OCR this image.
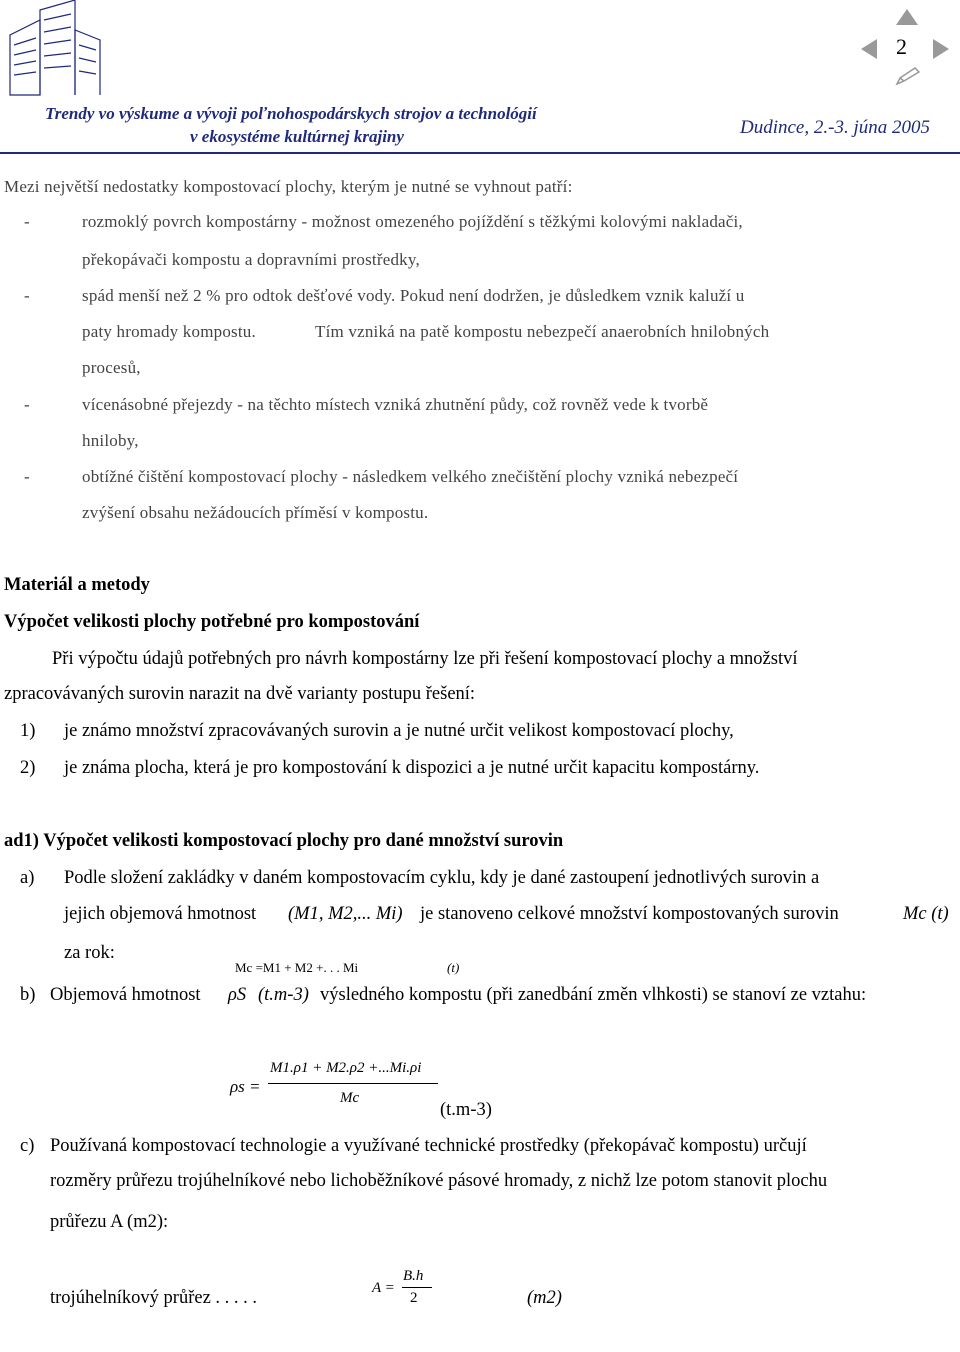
Trendy vo výskume a vývoji poľnohospodárskych strojov a technológií
v ekosystéme kultúrnej krajiny	Dudince, 2.-3. júna 2005
2
Mezi největší nedostatky kompostovací plochy, kterým je nutné se vyhnout patří:
-	rozmoklý povrch kompostárny - možnost omezeného pojíždění s těžkými kolovými nakladači,
překopávači kompostu a dopravními prostředky,
-	spád menší než 2 % pro odtok dešťové vody. Pokud není dodržen, je důsledkem vznik kaluží u
paty hromady kompostu.	Tím vzniká na patě kompostu nebezpečí anaerobních hnilobných
procesů,
-	vícenásobné přejezdy - na těchto místech vzniká zhutnění půdy, což rovněž vede k tvorbě
hniloby,
-	obtížné čištění kompostovací plochy - následkem velkého znečištění plochy vzniká nebezpečí
zvýšení obsahu nežádoucích příměsí v kompostu.
Materiál a metody
Výpočet velikosti plochy potřebné pro kompostování
Při výpočtu údajů potřebných pro návrh kompostárny lze při řešení kompostovací plochy a množství
zpracovávaných surovin narazit na dvě varianty postupu řešení:
1) je známo množství zpracovávaných surovin a je nutné určit velikost kompostovací plochy,
2) je známa plocha, která je pro kompostování k dispozici a je nutné určit kapacitu kompostárny.
ad1) Výpočet velikosti kompostovací plochy pro dané množství surovin
a) Podle složení zakládky v daném kompostovacím cyklu, kdy je dané zastoupení jednotlivých surovin a
jejich objemová hmotnost (M1, M2,... Mi) je stanoveno celkové množství kompostovaných surovin	Mc (t)
za rok:
Mc =M1 + M2 +. . . Mi	(t)
b) Objemová hmotnost ρS (t.m-3) výsledného kompostu (při zanedbání změn vlhkosti) se stanoví ze vztahu:
ρs =
M1.ρ1 + M2.ρ2 +...Mi.ρi
Mc
(t.m-3)
c) Používaná kompostovací technologie a využívané technické prostředky (překopávač kompostu) určují
rozměry průřezu trojúhelníkové nebo lichoběžníkové pásové hromady, z nichž lze potom stanovit plochu
průřezu A (m2):
trojúhelníkový průřez . . . . .	A =
B.h
2	(m2)
